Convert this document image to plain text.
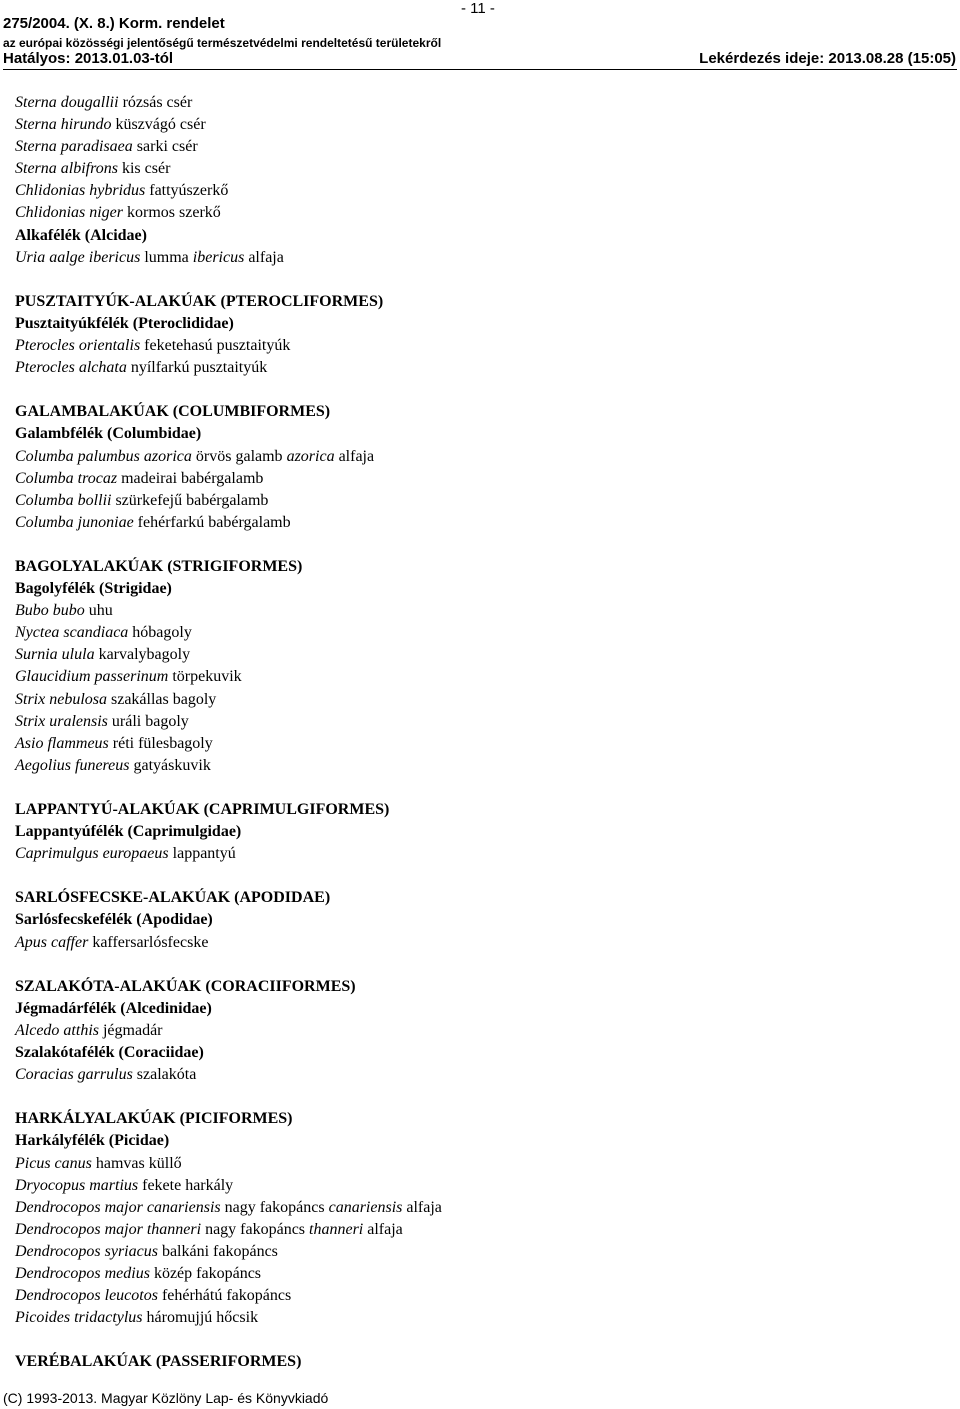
- 11 -
275/2004. (X. 8.) Korm. rendelet
az európai közösségi jelentőségű természetvédelmi rendeltetésű területekről
Hatályos: 2013.01.03-tól	Lekérdezés ideje: 2013.08.28 (15:05)
Sterna dougallii rózsás csér
Sterna hirundo küszvágó csér
Sterna paradisaea sarki csér
Sterna albifrons kis csér
Chlidonias hybridus fattyúszerkő
Chlidonias niger kormos szerkő
Alkafélék (Alcidae)
Uria aalge ibericus lumma ibericus alfaja
PUSZTAITYÚK-ALAKÚAK (PTEROCLIFORMES)
Pusztaityúkfélék (Pteroclididae)
Pterocles orientalis feketehasú pusztaityúk
Pterocles alchata nyílfarkú pusztaityúk
GALAMBALAKÚAK (COLUMBIFORMES)
Galambfélék (Columbidae)
Columba palumbus azorica örvös galamb azorica alfaja
Columba trocaz madeirai babérgalamb
Columba bollii szürkefejű babérgalamb
Columba junoniae fehérfarkú babérgalamb
BAGOLYALAKÚAK (STRIGIFORMES)
Bagolyfélék (Strigidae)
Bubo bubo uhu
Nyctea scandiaca hóbagoly
Surnia ulula karvalybagoly
Glaucidium passerinum törpekuvik
Strix nebulosa szakállas bagoly
Strix uralensis uráli bagoly
Asio flammeus réti fülesbagoly
Aegolius funereus gatyáskuvik
LAPPANTYÚ-ALAKÚAK (CAPRIMULGIFORMES)
Lappantyúfélék (Caprimulgidae)
Caprimulgus europaeus lappantyú
SARLÓSFECSKE-ALAKÚAK (APODIDAE)
Sarlósfecskefélék (Apodidae)
Apus caffer kaffersarlósfecske
SZALAKÓTA-ALAKÚAK (CORACIIFORMES)
Jégmadárfélék (Alcedinidae)
Alcedo atthis jégmadár
Szalakótafélék (Coraciidae)
Coracias garrulus szalakóta
HARKÁLYALAKÚAK (PICIFORMES)
Harkályfélék (Picidae)
Picus canus hamvas küllő
Dryocopus martius fekete harkály
Dendrocopos major canariensis nagy fakopáncs canariensis alfaja
Dendrocopos major thanneri nagy fakopáncs thanneri alfaja
Dendrocopos syriacus balkáni fakopáncs
Dendrocopos medius közép fakopáncs
Dendrocopos leucotos fehérhátú fakopáncs
Picoides tridactylus háromujjú hőcsik
VERÉBALAKÚAK (PASSERIFORMES)
(C) 1993-2013. Magyar Közlöny Lap- és Könyvkiadó
